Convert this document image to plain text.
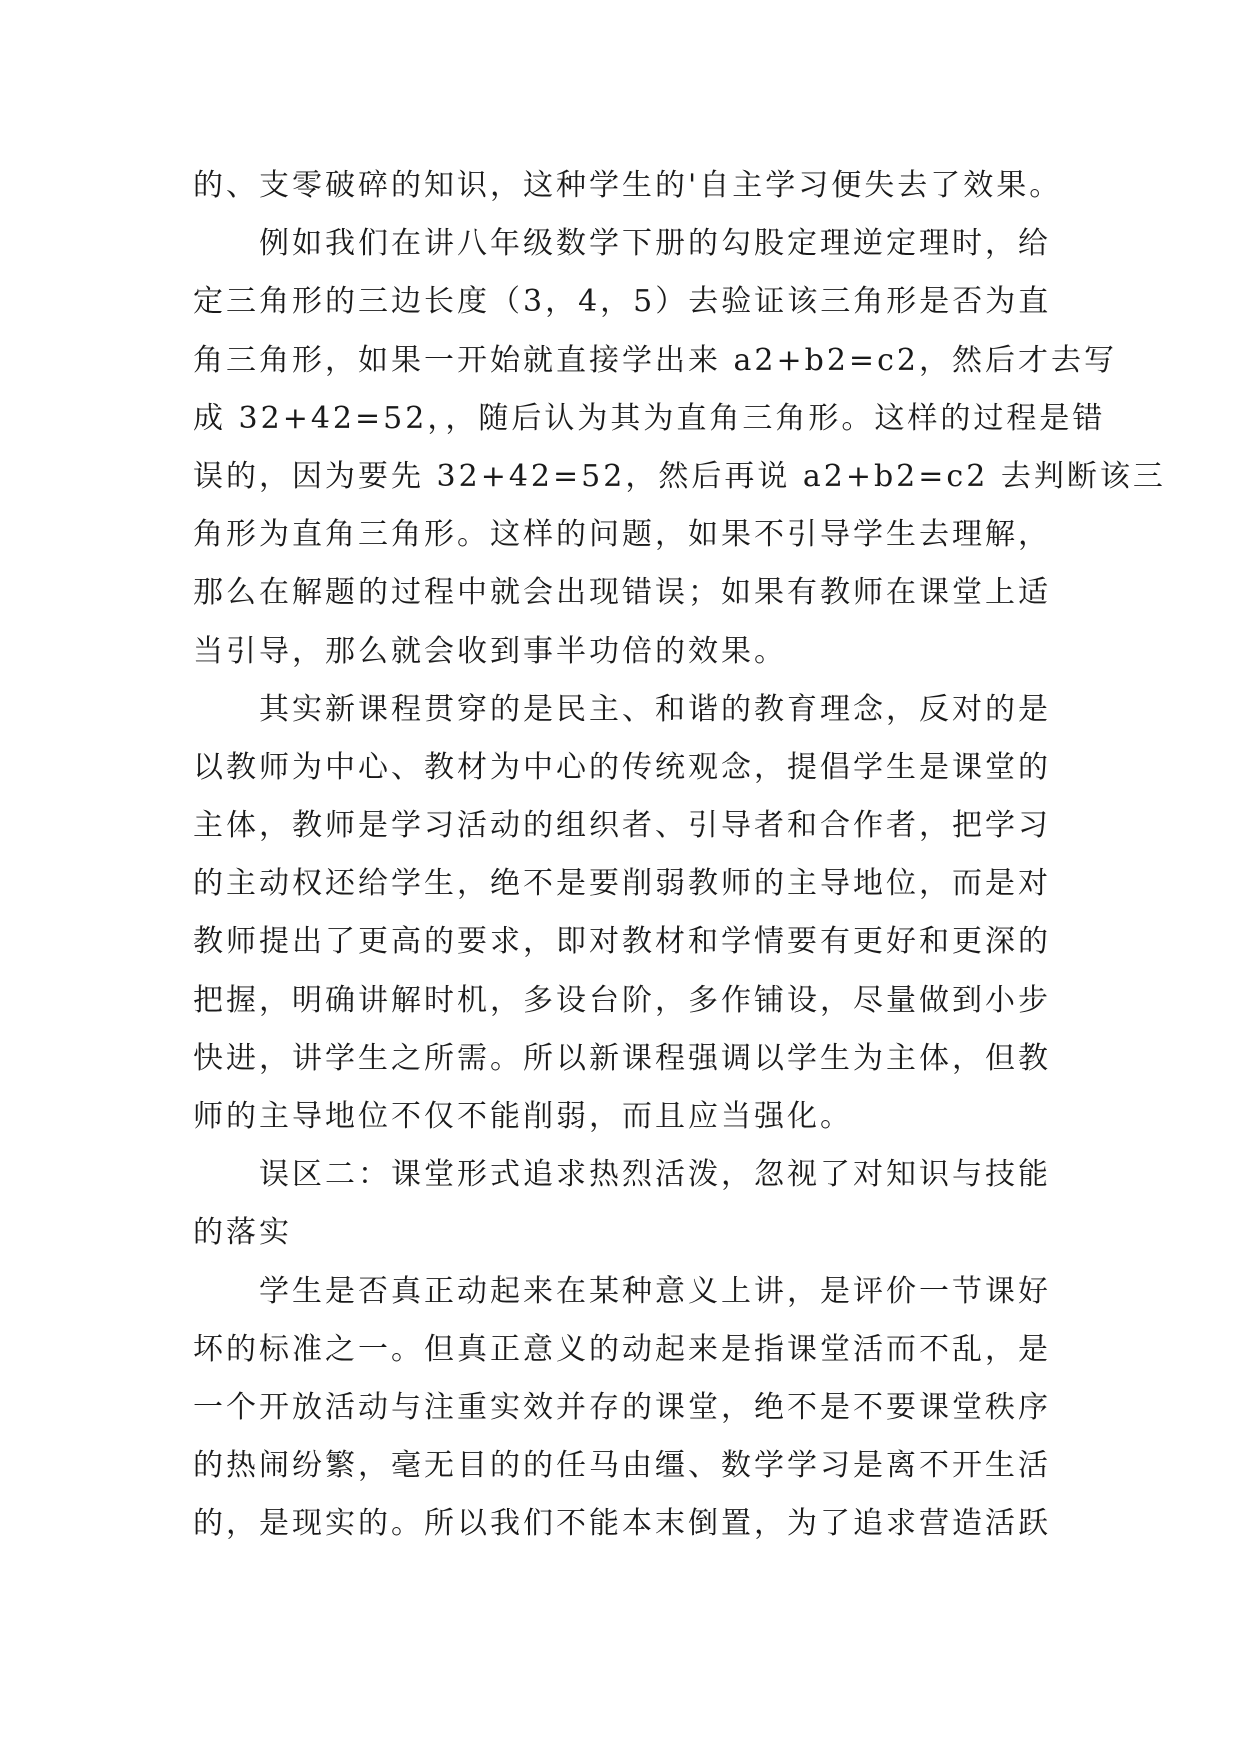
的、支零破碎的知识，这种学生的'自主学习便失去了效果。
例如我们在讲八年级数学下册的勾股定理逆定理时，给
定三角形的三边长度（3，4，5）去验证该三角形是否为直
角三角形，如果一开始就直接学出来 a2+b2=c2，然后才去写
成 32+42=52，，随后认为其为直角三角形。这样的过程是错
误的，因为要先 32+42=52，然后再说 a2+b2=c2 去判断该三
角形为直角三角形。这样的问题，如果不引导学生去理解，
那么在解题的过程中就会出现错误；如果有教师在课堂上适
当引导，那么就会收到事半功倍的效果。
其实新课程贯穿的是民主、和谐的教育理念，反对的是
以教师为中心、教材为中心的传统观念，提倡学生是课堂的
主体，教师是学习活动的组织者、引导者和合作者，把学习
的主动权还给学生，绝不是要削弱教师的主导地位，而是对
教师提出了更高的要求，即对教材和学情要有更好和更深的
把握，明确讲解时机，多设台阶，多作铺设，尽量做到小步
快进，讲学生之所需。所以新课程强调以学生为主体，但教
师的主导地位不仅不能削弱，而且应当强化。
误区二：课堂形式追求热烈活泼，忽视了对知识与技能
的落实
学生是否真正动起来在某种意义上讲，是评价一节课好
坏的标准之一。但真正意义的动起来是指课堂活而不乱，是
一个开放活动与注重实效并存的课堂，绝不是不要课堂秩序
的热闹纷繁，毫无目的的任马由缰、数学学习是离不开生活
的，是现实的。所以我们不能本末倒置，为了追求营造活跃
